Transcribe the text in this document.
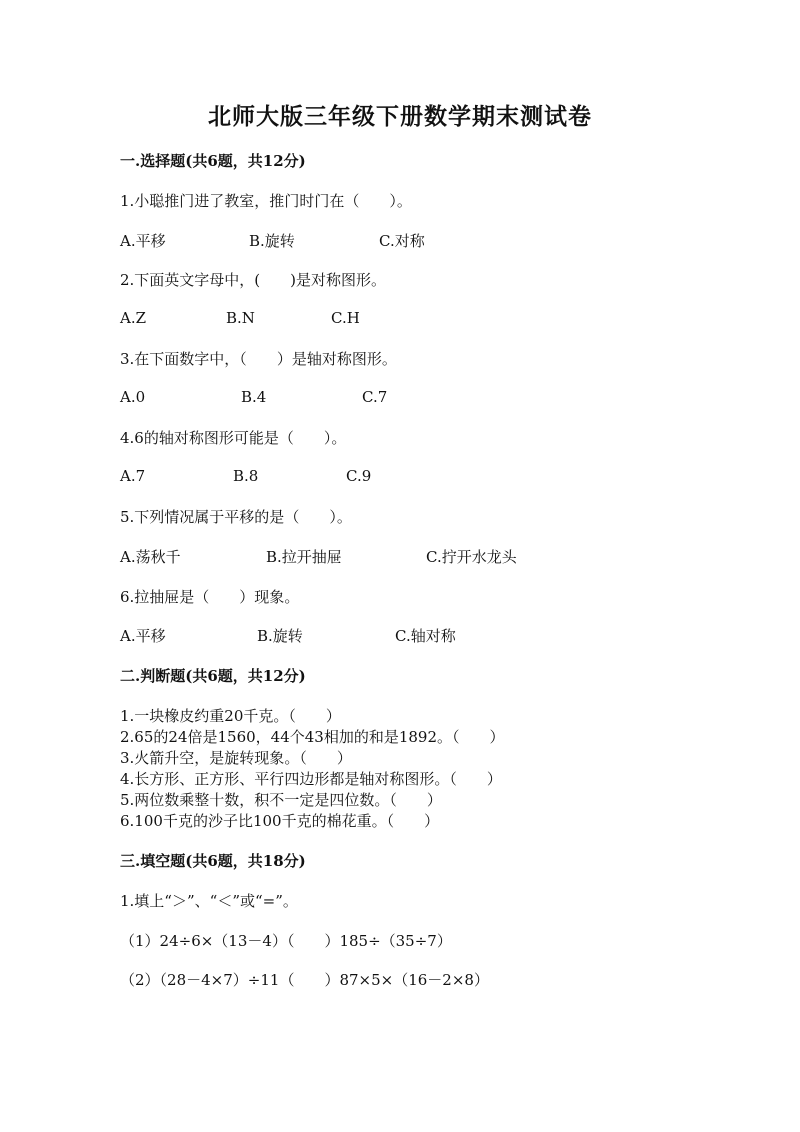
北师大版三年级下册数学期末测试卷
一.选择题(共6题，共12分)
1.小聪推门进了教室，推门时门在（　　）。
A.平移	B.旋转	C.对称
2.下面英文字母中，(　　)是对称图形。
A.Z	B.N	C.H
3.在下面数字中，（　　）是轴对称图形。
A.0	B.4	C.7
4.6的轴对称图形可能是（　　）。
A.7	B.8	C.9
5.下列情况属于平移的是（　　）。
A.荡秋千	B.拉开抽屉	C.拧开水龙头
6.拉抽屉是（　　）现象。
A.平移	B.旋转	C.轴对称
二.判断题(共6题，共12分)
1.一块橡皮约重20千克。（　　）
2.65的24倍是1560，44个43相加的和是1892。（　　）
3.火箭升空，是旋转现象。（　　）
4.长方形、正方形、平行四边形都是轴对称图形。（　　）
5.两位数乘整十数，积不一定是四位数。（　　）
6.100千克的沙子比100千克的棉花重。（　　）
三.填空题(共6题，共18分)
1.填上“＞”、“＜”或“=”。
（1）24÷6×（13－4）（　　）185÷（35÷7）
（2）（28－4×7）÷11（　　）87×5×（16－2×8）
